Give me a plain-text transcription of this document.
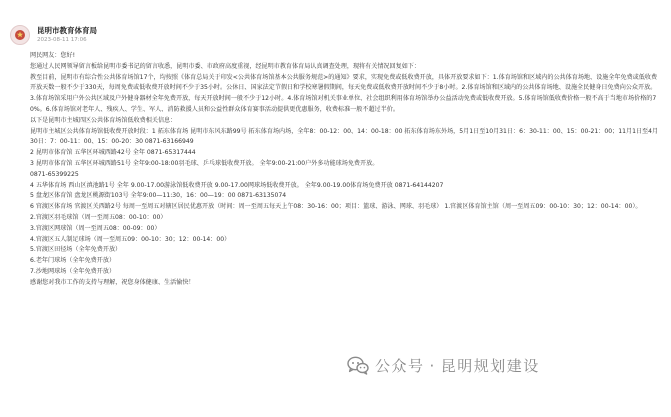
昆明市教育体育局
2023-08-11 17:06

网民网友：您好!

您通过人民网领导留言板给昆明市委书记的留言收悉，昆明市委、市政府高度重视，经昆明市教育体育局认真调查处理，现将有关情况回复如下：

教至目前，昆明市有综合性公共体育场馆17个，均按照《体育总局关于印发<公共体育场馆基本公共服务规范>的通知》要求，实现免费或低收费开放，具体开放要求如下：1.体育场馆和区域内的公共体育场地、设施全年免费或低收费开放天数一般不少于330天，每周免费或低收费开放时间不少于35小时。公休日、国家法定节假日和学校寒暑假期间，每天免费或低收费开放时间不少于8小时。2.体育场馆和区域内的公共体育场地、设施全民健身日免费向公众开放。3.体育场馆采用户外公共区域及户外健身器材全年免费开放，每天开放时间一般不少于12小时。4.体育场馆对机关事业单位、社会组织利用体育场馆举办公益活动免费或低收费开放。5.体育场馆低收费价格一般不高于当地市场价格的70%。6.体育场馆对老年人、残疾人、学生、军人、消防救援人员和公益性群众体育赛事活动提供更优惠服务，收费标准一般不超过半价。

以下是昆明市主城四区公共体育场馆低收费相关信息：

昆明市主城区公共体育场馆低收费开放时段：1 拓东体育场 昆明市东风东路99号 拓东体育场内场，全年8：00-12：00、14：00-18：00 拓东体育场东外场，5月1日至10月31日：6：30-11：00、15：00-21：00；11月1日至4月30日：7：00-11：00、15：00-20：30 0871-63166949

2 昆明市体育馆 五华区环城西路42号 全年 0871-65317444

3 昆明市体育馆 五华区环城西路51号 全年9:00-18:00羽毛球、乒乓球低收费开放。 全年9:00-21:00户外多功能球场免费开放。

0871-65399225

4 五华体育场 西山区滇池路1号 全年 9.00-17.00游泳馆低收费开放 9.00-17.00网球场低收费开放。 全年9.00-19.00体育场免费开放 0871-64144207

5 盘龙区体育馆 盘龙区桃源街103号 全年9:00—11:30，16：00—19：00 0871-63135074

6 官渡区体育场 官渡区关西路2号 每周一至周五对辖区居民优惠开放（时间：周一至周五每天上午08：30-16：00；项目：篮球、游泳、网球、羽毛球） 1.官渡区体育馆主馆（周一至周五09：00-10：30；12：00-14：00）。

2.官渡区羽毛球馆（周一至周五08：00-10：00）

3.官渡区网球馆（周一至周五08：00-09：00）

4.官渡区五人制足球场（周一至周五09：00-10：30；12：00-14：00）

5.官渡区田径场（全年免费开放）

6.老年门球场（全年免费开放）

7.沙地网球场（全年免费开放）

感谢您对我市工作的支持与理解，祝您身体健康、生活愉快！

公众号 · 昆明规划建设
